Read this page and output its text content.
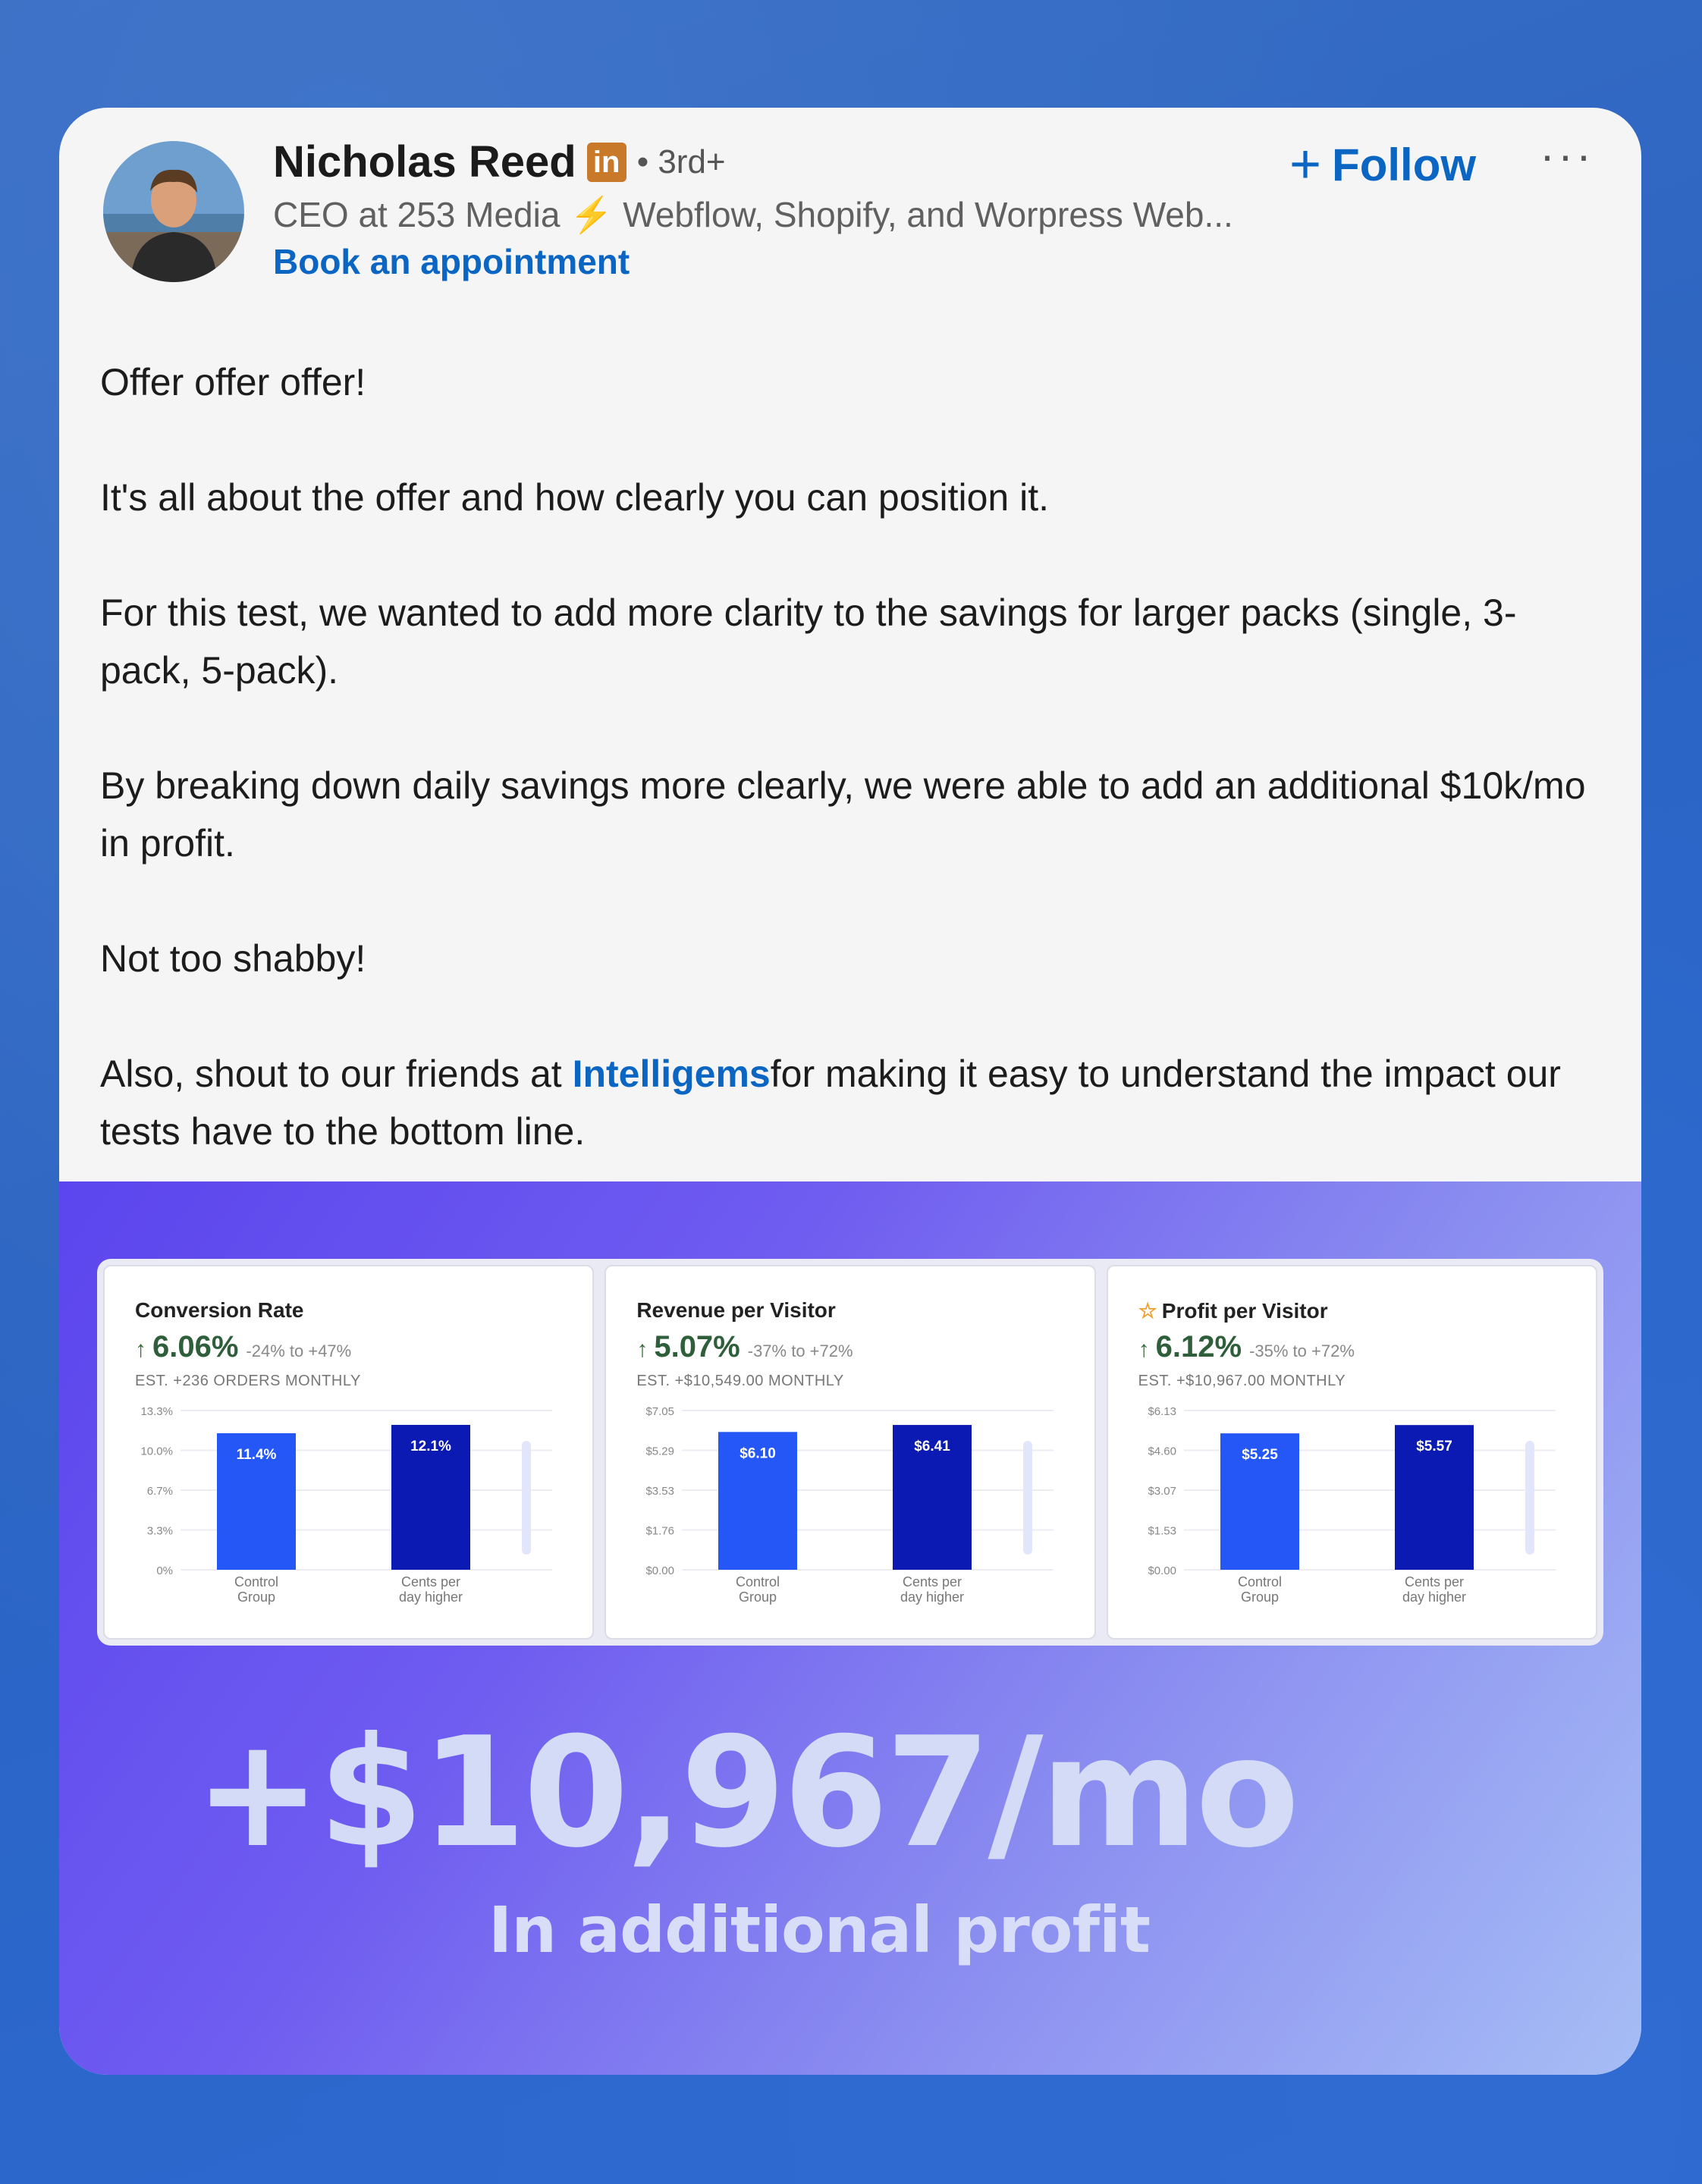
Nicholas Reed in • 3rd+
CEO at 253 Media ⚡ Webflow, Shopify, and Worpress Web...
Book an appointment
+ Follow ···

Offer offer offer!

It's all about the offer and how clearly you can position it.

For this test, we wanted to add more clarity to the savings for larger packs (single, 3-pack, 5-pack).

By breaking down daily savings more clearly, we were able to add an additional $10k/mo in profit.

Not too shabby!

Also, shout to our friends at Intelligemsfor making it easy to understand the impact our tests have to the bottom line.

Conversion Rate
↑ 6.06% -24% to +47%
EST. +236 ORDERS MONTHLY
13.3%
10.0%
6.7%
3.3%
0%
11.4%
Control
Group
12.1%
Cents per
day higher
Revenue per Visitor
↑ 5.07% -37% to +72%
EST. +$10,549.00 MONTHLY
$7.05
$5.29
$3.53
$1.76
$0.00
$6.10
Control
Group
$6.41
Cents per
day higher
☆ Profit per Visitor
↑ 6.12% -35% to +72%
EST. +$10,967.00 MONTHLY
$6.13
$4.60
$3.07
$1.53
$0.00
$5.25
Control
Group
$5.57
Cents per
day higher
+$10,967/mo
In additional profit
